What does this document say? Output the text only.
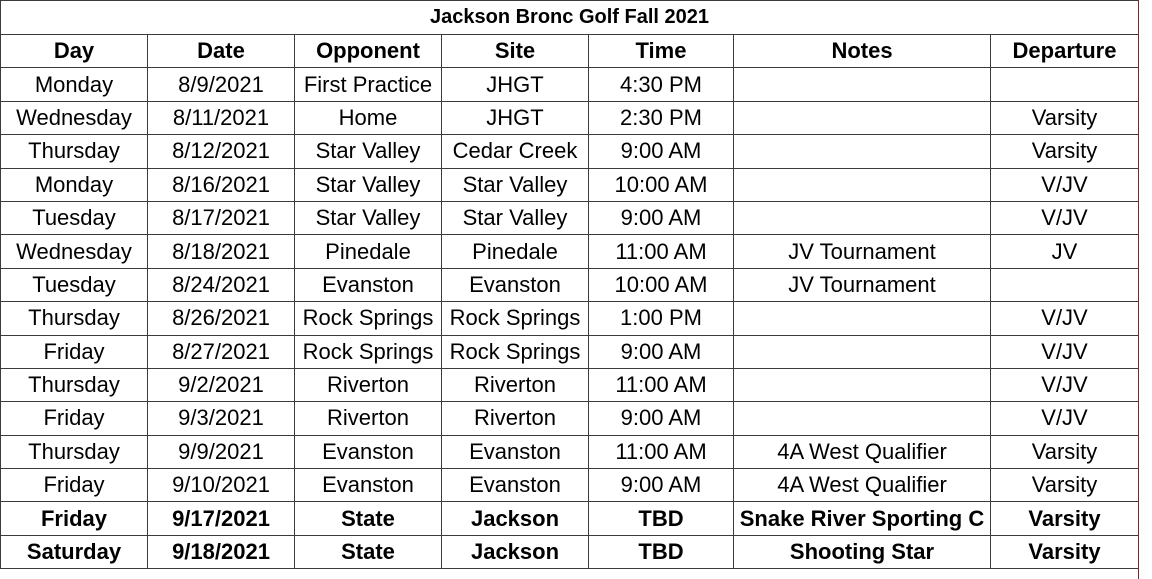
Jackson Bronc Golf Fall 2021						
Day	Date	Opponent	Site	Time	Notes	Departure
Monday	8/9/2021	First Practice	JHGT	4:30 PM		
Wednesday	8/11/2021	Home	JHGT	2:30 PM		Varsity
Thursday	8/12/2021	Star Valley	Cedar Creek	9:00 AM		Varsity
Monday	8/16/2021	Star Valley	Star Valley	10:00 AM		V/JV
Tuesday	8/17/2021	Star Valley	Star Valley	9:00 AM		V/JV
Wednesday	8/18/2021	Pinedale	Pinedale	11:00 AM	JV Tournament	JV
Tuesday	8/24/2021	Evanston	Evanston	10:00 AM	JV Tournament	
Thursday	8/26/2021	Rock Springs	Rock Springs	1:00 PM		V/JV
Friday	8/27/2021	Rock Springs	Rock Springs	9:00 AM		V/JV
Thursday	9/2/2021	Riverton	Riverton	11:00 AM		V/JV
Friday	9/3/2021	Riverton	Riverton	9:00 AM		V/JV
Thursday	9/9/2021	Evanston	Evanston	11:00 AM	4A West Qualifier	Varsity
Friday	9/10/2021	Evanston	Evanston	9:00 AM	4A West Qualifier	Varsity
Friday	9/17/2021	State	Jackson	TBD	Snake River Sporting C	Varsity
Saturday	9/18/2021	State	Jackson	TBD	Shooting Star	Varsity
